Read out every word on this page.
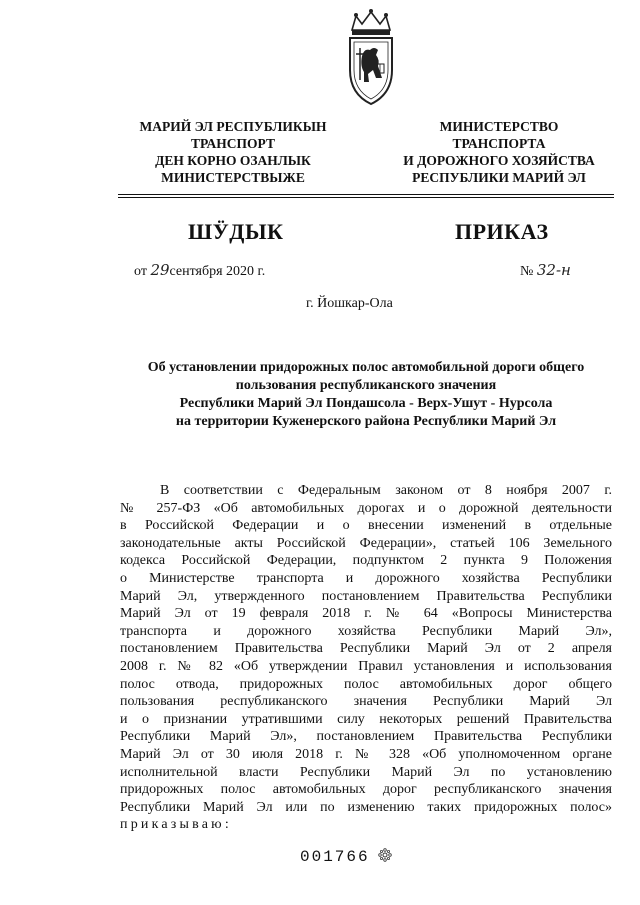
МАРИЙ ЭЛ РЕСПУБЛИКЫН
ТРАНСПОРТ
ДЕН КОРНО ОЗАНЛЫК
МИНИСТЕРСТВЫЖЕ
МИНИСТЕРСТВО
ТРАНСПОРТА
И ДОРОЖНОГО ХОЗЯЙСТВА
РЕСПУБЛИКИ МАРИЙ ЭЛ
ШӰДЫК	ПРИКАЗ
от 29сентября 2020 г.	№ 32-н
г. Йошкар-Ола
Об установлении придорожных полос автомобильной дороги общего
пользования республиканского значения
Республики Марий Эл Пондашсола - Верх-Ушут - Нурсола
на территории Куженерского района Республики Марий Эл
В соответствии с Федеральным законом от 8 ноября 2007 г.
№ 257-ФЗ «Об автомобильных дорогах и о дорожной деятельности
в Российской Федерации и о внесении изменений в отдельные
законодательные акты Российской Федерации», статьей 106 Земельного
кодекса Российской Федерации, подпунктом 2 пункта 9 Положения
о Министерстве транспорта и дорожного хозяйства Республики
Марий Эл, утвержденного постановлением Правительства Республики
Марий Эл от 19 февраля 2018 г. № 64 «Вопросы Министерства
транспорта и дорожного хозяйства Республики Марий Эл»,
постановлением Правительства Республики Марий Эл от 2 апреля
2008 г. № 82 «Об утверждении Правил установления и использования
полос отвода, придорожных полос автомобильных дорог общего
пользования республиканского значения Республики Марий Эл
и о признании утратившими силу некоторых решений Правительства
Республики Марий Эл», постановлением Правительства Республики
Марий Эл от 30 июля 2018 г. № 328 «Об уполномоченном органе
исполнительной власти Республики Марий Эл по установлению
придорожных полос автомобильных дорог республиканского значения
Республики Марий Эл или по изменению таких придорожных полос»
приказываю:
001766
